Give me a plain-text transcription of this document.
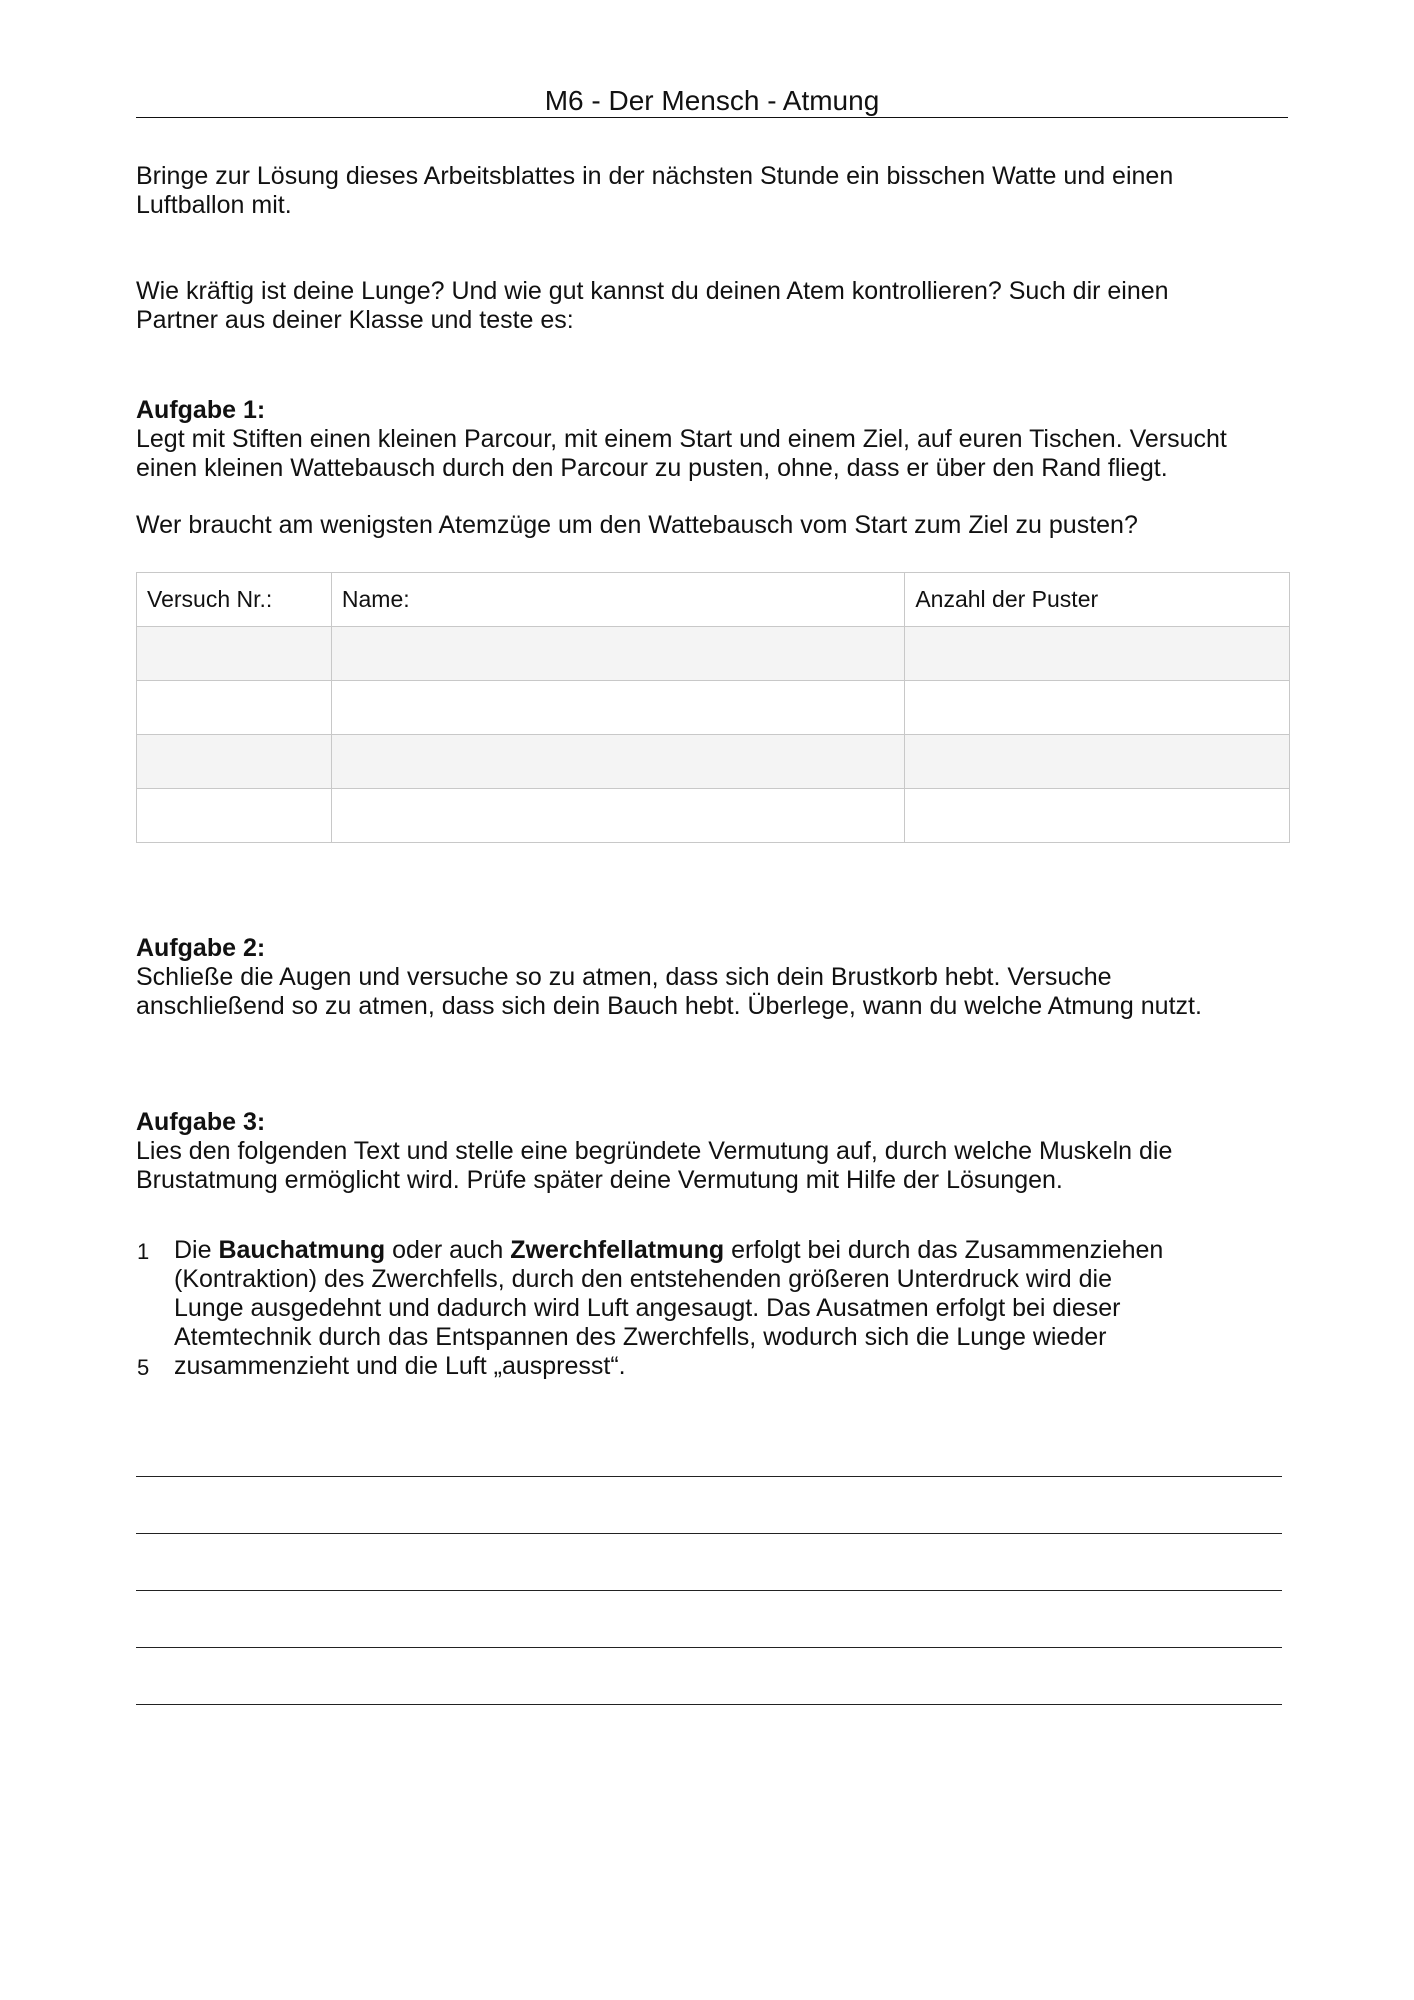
M6 - Der Mensch - Atmung

Bringe zur Lösung dieses Arbeitsblattes in der nächsten Stunde ein bisschen Watte und einen
Luftballon mit.

Wie kräftig ist deine Lunge? Und wie gut kannst du deinen Atem kontrollieren? Such dir einen
Partner aus deiner Klasse und teste es:

Aufgabe 1:
Legt mit Stiften einen kleinen Parcour, mit einem Start und einem Ziel, auf euren Tischen. Versucht
einen kleinen Wattebausch durch den Parcour zu pusten, ohne, dass er über den Rand fliegt.

Wer braucht am wenigsten Atemzüge um den Wattebausch vom Start zum Ziel zu pusten?

Versuch Nr.:	Name:	Anzahl der Puster

Aufgabe 2:
Schließe die Augen und versuche so zu atmen, dass sich dein Brustkorb hebt. Versuche
anschließend so zu atmen, dass sich dein Bauch hebt. Überlege, wann du welche Atmung nutzt.

Aufgabe 3:
Lies den folgenden Text und stelle eine begründete Vermutung auf, durch welche Muskeln die
Brustatmung ermöglicht wird. Prüfe später deine Vermutung mit Hilfe der Lösungen.

1
5

Die Bauchatmung oder auch Zwerchfellatmung erfolgt bei durch das Zusammenziehen
(Kontraktion) des Zwerchfells, durch den entstehenden größeren Unterdruck wird die
Lunge ausgedehnt und dadurch wird Luft angesaugt. Das Ausatmen erfolgt bei dieser
Atemtechnik durch das Entspannen des Zwerchfells, wodurch sich die Lunge wieder
zusammenzieht und die Luft „auspresst“.
